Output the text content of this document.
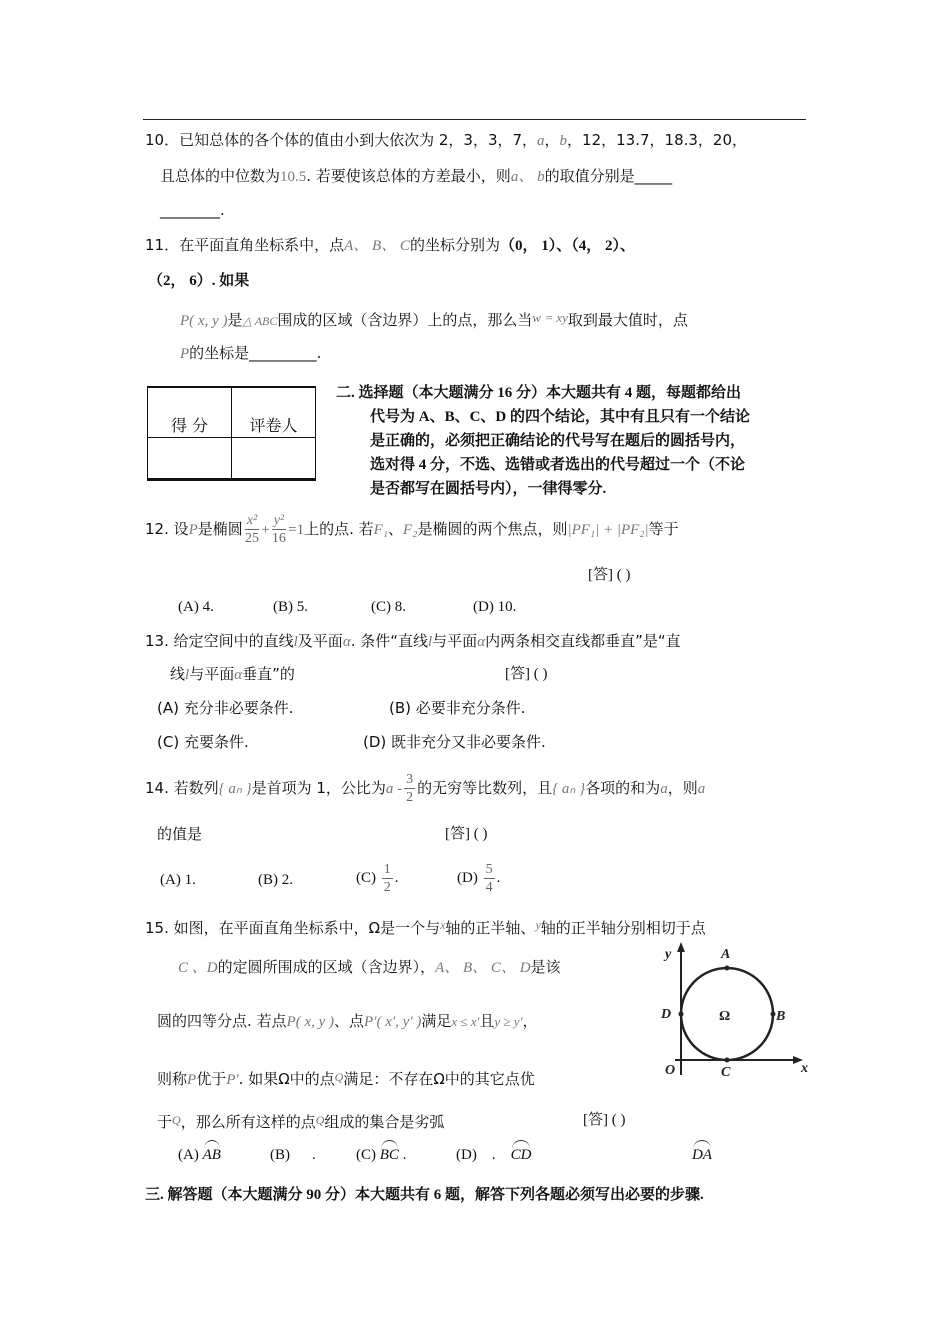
10．已知总体的各个体的值由小到大依次为 2，3，3，7，a，b，12，13.7，18.3，20，
且总体的中位数为10.5. 若要使该总体的方差最小，则a、 b的取值分别是_____
________.
11．在平面直角坐标系中，点A、 B、 C的坐标分别为（0， 1）、（4， 2）、
（2， 6）. 如果
P( x, y )是△ ABC围成的区域（含边界）上的点，那么当w = xy取到最大值时，点
P的坐标是_________.
得 分	评卷人

二. 选择题（本大题满分 16 分）本大题共有 4 题，每题都给出
代号为 A、B、C、D 的四个结论，其中有且只有一个结论
是正确的，必须把正确结论的代号写在题后的圆括号内，
选对得 4 分，不选、选错或者选出的代号超过一个（不论
是否都写在圆括号内），一律得零分.
12. 设P是椭圆 $\frac{\text{x²}}{25} + \frac{\text{y²}}{16} =1$上的点. 若F₁、F₂是椭圆的两个焦点，则|PF₁| + |PF₂|等于
[答] ( )
(A) 4.	(B) 5.	(C) 8.	(D) 10.
13. 给定空间中的直线l及平面α. 条件“直线l与平面α内两条相交直线都垂直”是“直
线l与平面α垂直”的	[答] ( )
(A) 充分非必要条件.	(B) 必要非充分条件.
(C) 充要条件.	(D) 既非充分又非必要条件.
14. 若数列{ aₙ }是首项为 1，公比为a - $\frac{3}{2}$ 的无穷等比数列，且{ aₙ }各项的和为a，则a
的值是	[答] ( )
(A) 1.	(B) 2.	$(C) \frac{1}{2}$ .	$(D) \frac{5}{4}$ .
15. 如图，在平面直角坐标系中，Ω是一个与$^x$轴的正半轴、$^y$轴的正半轴分别相切于点
C 、D的定圆所围成的区域（含边界），A、 B、 C、 D是该
圆的四等分点. 若点P( x, y )、点P′( x′, y′ )满足x ≤ x′且y ≥ y′，
则称P优于P′. 如果Ω中的点$^Q$满足：不存在Ω中的其它点优
于$^Q$，那么所有这样的点$^Q$组成的集合是劣弧	[答] ( )
(A) AB	(B) .	(C) BC .	(D) . CD	DA
y
x
O
A
B
C
D	Ω
三. 解答题（本大题满分 90 分）本大题共有 6 题，解答下列各题必须写出必要的步骤.
